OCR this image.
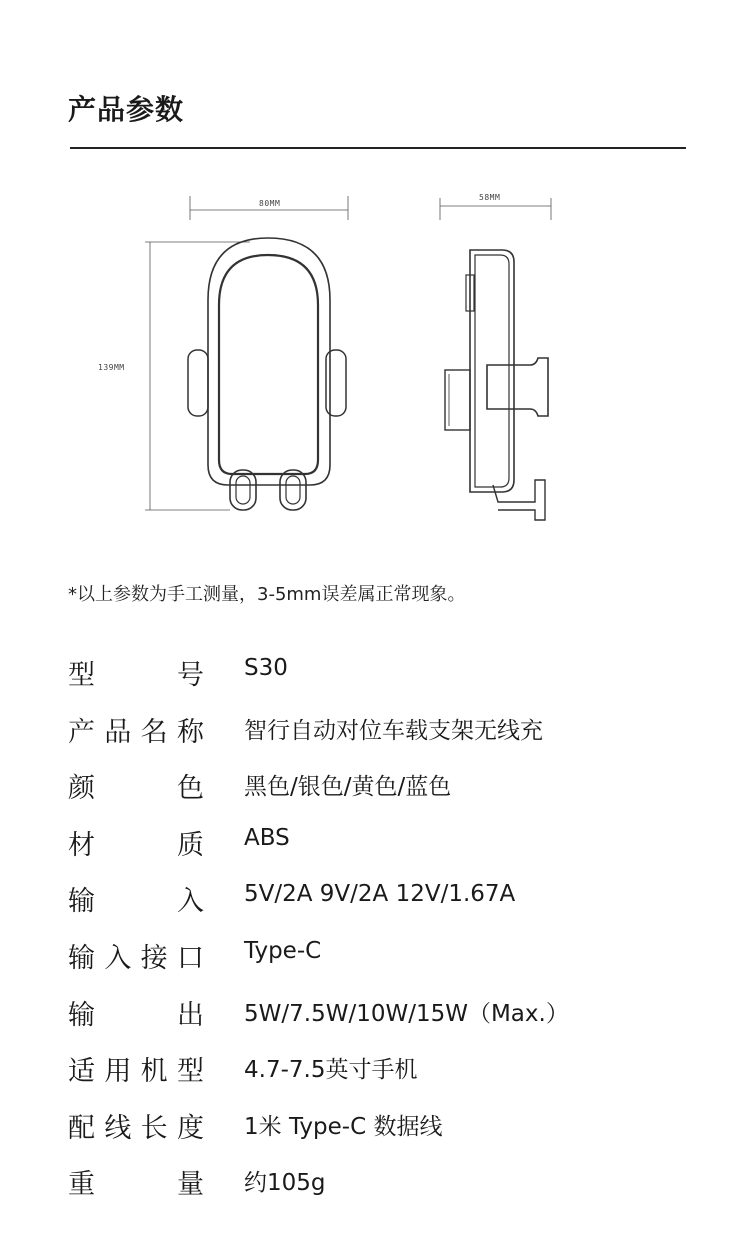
产品参数
80MM
139MM
58MM
*以上参数为手工测量，3-5mm误差属正常现象。
型	号 S30
产 品 名 称 智行自动对位车载支架无线充
颜	色 黑色/银色/黄色/蓝色
材	质 ABS
输	入 5V/2A 9V/2A 12V/1.67A
输 入 接 口 Type-C
输	出 5W/7.5W/10W/15W（Max.）
适 用 机 型 4.7-7.5英寸手机
配 线 长 度 1米 Type-C 数据线
重	量 约105g
